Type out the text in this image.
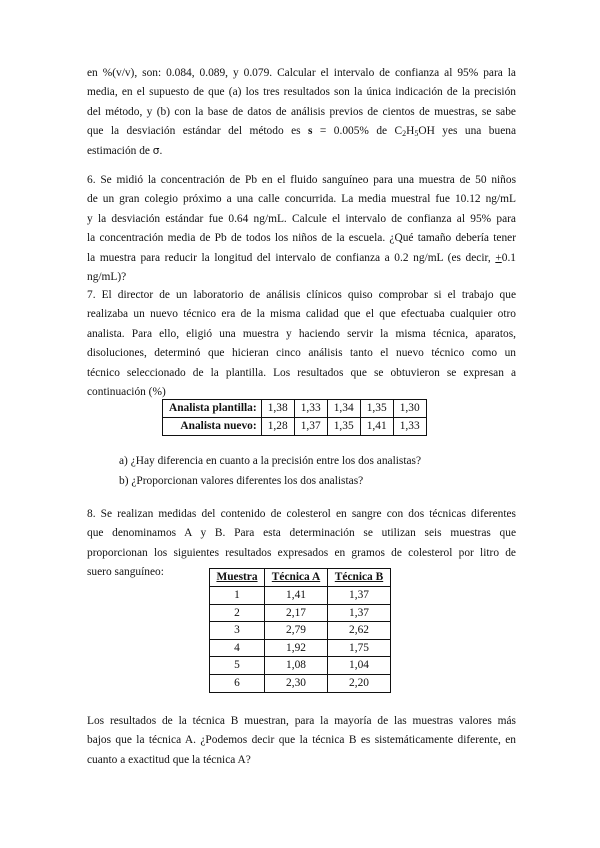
en %(v/v), son: 0.084, 0.089, y 0.079. Calcular el intervalo de confianza al 95% para la
media, en el supuesto de que (a) los tres resultados son la única indicación de la precisión
del método, y (b) con la base de datos de análisis previos de cientos de muestras, se sabe
que la desviación estándar del método es s = 0.005% de $C_2H_5OH$ yes una buena
estimación de σ.
6. Se midió la concentración de Pb en el fluido sanguíneo para una muestra de 50 niños
de un gran colegio próximo a una calle concurrida. La media muestral fue 10.12 ng/mL
y la desviación estándar fue 0.64 ng/mL. Calcule el intervalo de confianza al 95% para
la concentración media de Pb de todos los niños de la escuela. ¿Qué tamaño debería tener
la muestra para reducir la longitud del intervalo de confianza a 0.2 ng/mL (es decir, +0.1
ng/mL)?
7. El director de un laboratorio de análisis clínicos quiso comprobar si el trabajo que
realizaba un nuevo técnico era de la misma calidad que el que efectuaba cualquier otro
analista. Para ello, eligió una muestra y haciendo servir la misma técnica, aparatos,
disoluciones, determinó que hicieran cinco análisis tanto el nuevo técnico como un
técnico seleccionado de la plantilla. Los resultados que se obtuvieron se expresan a
continuación (%)
Analista plantilla:	1,38	1,33	1,34	1,35	1,30
Analista nuevo:	1,28	1,37	1,35	1,41	1,33
a) ¿Hay diferencia en cuanto a la precisión entre los dos analistas?
b) ¿Proporcionan valores diferentes los dos analistas?
8. Se realizan medidas del contenido de colesterol en sangre con dos técnicas diferentes
que denominamos A y B. Para esta determinación se utilizan seis muestras que
proporcionan los siguientes resultados expresados en gramos de colesterol por litro de
suero sanguíneo:	Muestra	Técnica A	Técnica B
1	1,41	1,37
2	2,17	1,37
3	2,79	2,62
4	1,92	1,75
5	1,08	1,04
6	2,30	2,20
Los resultados de la técnica B muestran, para la mayoría de las muestras valores más
bajos que la técnica A. ¿Podemos decir que la técnica B es sistemáticamente diferente, en
cuanto a exactitud que la técnica A?
